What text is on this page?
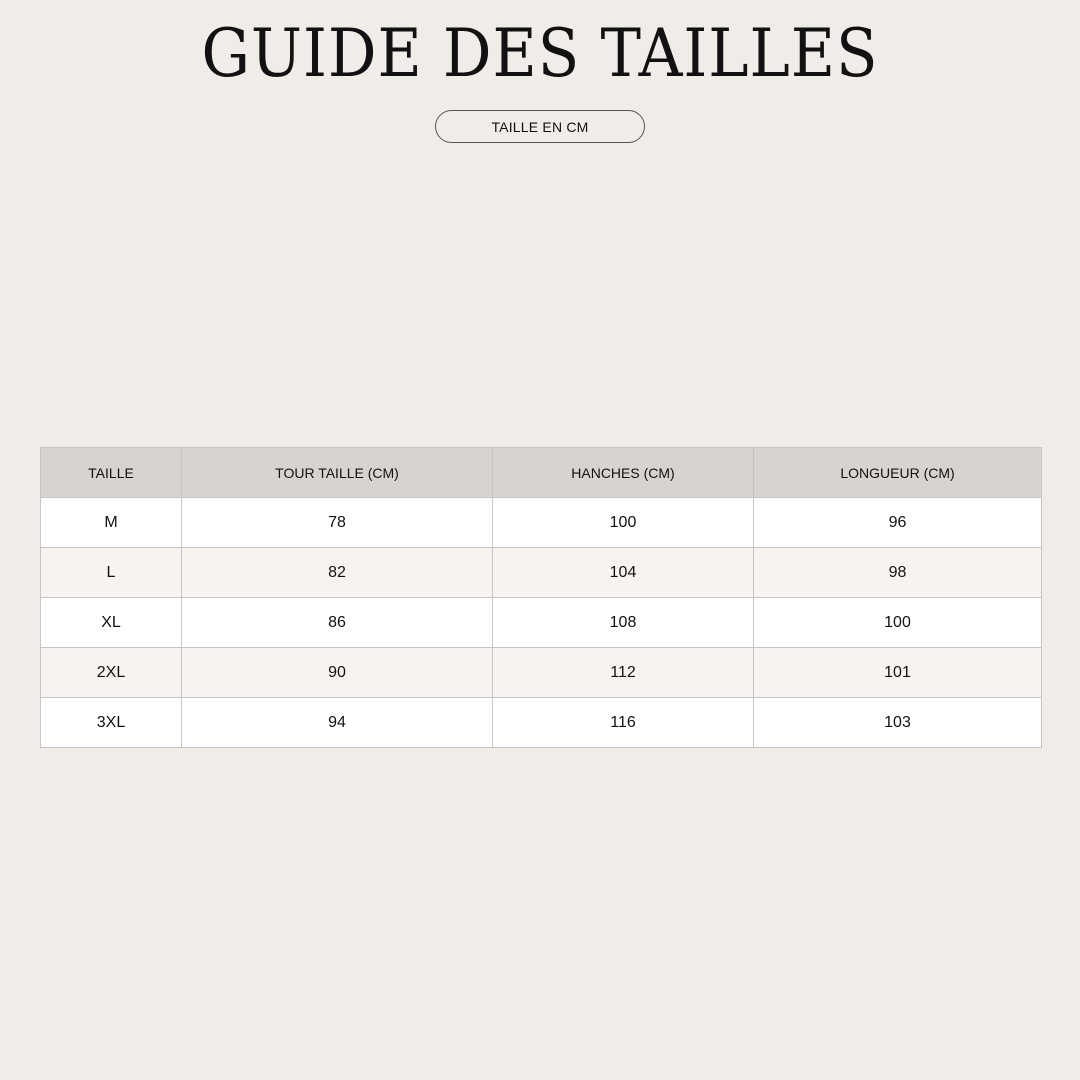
GUIDE DES TAILLES
TAILLE EN CM
TAILLE	TOUR TAILLE (CM)	HANCHES (CM)	LONGUEUR (CM)
M	78	100	96
L	82	104	98
XL	86	108	100
2XL	90	112	101
3XL	94	116	103
